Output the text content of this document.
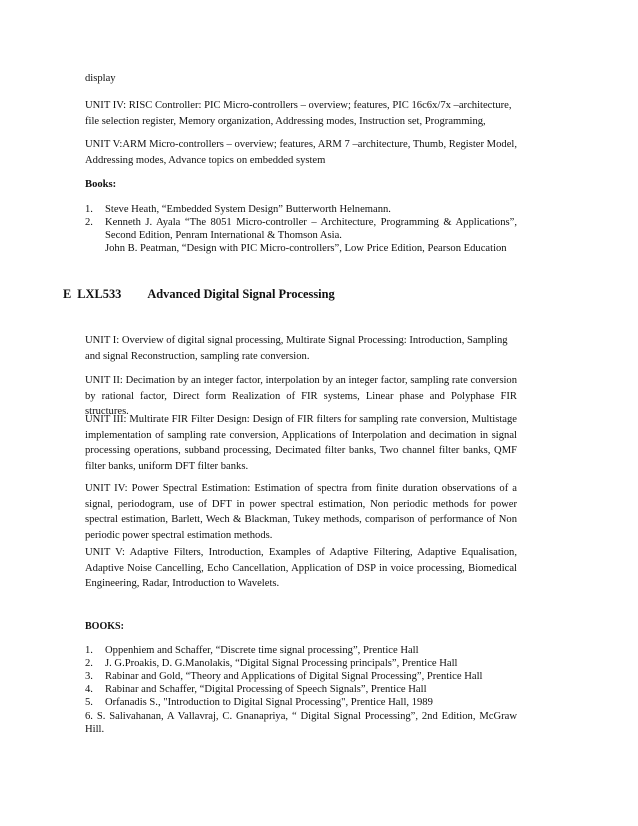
display

UNIT IV: RISC Controller: PIC Micro-controllers – overview; features, PIC 16c6x/7x –architecture, file selection register, Memory organization, Addressing modes, Instruction set, Programming,

UNIT V:ARM Micro-controllers – overview; features, ARM 7 –architecture, Thumb, Register Model, Addressing modes, Advance topics on embedded system

Books:

1.	Steve Heath, “Embedded System Design” Butterworth Helnemann.
2.	Kenneth J. Ayala “The 8051 Micro-controller – Architecture, Programming & Applications”, Second Edition, Penram International & Thomson Asia.

John B. Peatman, “Design with PIC Micro-controllers”, Low Price Edition, Pearson Education

E LXL533 Advanced Digital Signal Processing

UNIT I: Overview of digital signal processing, Multirate Signal Processing: Introduction, Sampling and signal Reconstruction, sampling rate conversion.

UNIT II: Decimation by an integer factor, interpolation by an integer factor, sampling rate conversion by rational factor, Direct form Realization of FIR systems, Linear phase and Polyphase FIR structures.

UNIT III: Multirate FIR Filter Design: Design of FIR filters for sampling rate conversion, Multistage implementation of sampling rate conversion, Applications of Interpolation and decimation in signal processing operations, subband processing, Decimated filter banks, Two channel filter banks, QMF filter banks, uniform DFT filter banks.

UNIT IV: Power Spectral Estimation: Estimation of spectra from finite duration observations of a signal, periodogram, use of DFT in power spectral estimation, Non periodic methods for power spectral estimation, Barlett, Wech & Blackman, Tukey methods, comparison of performance of Non periodic power spectral estimation methods.

UNIT V: Adaptive Filters, Introduction, Examples of Adaptive Filtering, Adaptive Equalisation, Adaptive Noise Cancelling, Echo Cancellation, Application of DSP in voice processing, Biomedical Engineering, Radar, Introduction to Wavelets.

BOOKS:

1.	Oppenhiem and Schaffer, “Discrete time signal processing”, Prentice Hall
2.	J. G.Proakis, D. G.Manolakis, “Digital Signal Processing principals”, Prentice Hall
3.	Rabinar and Gold, “Theory and Applications of Digital Signal Processing”, Prentice Hall
4.	Rabinar and Schaffer, “Digital Processing of Speech Signals”, Prentice Hall
5.	Orfanadis S., "Introduction to Digital Signal Processing", Prentice Hall, 1989

6. S. Salivahanan, A Vallavraj, C. Gnanapriya, “ Digital Signal Processing”, 2nd Edition, McGraw Hill.
